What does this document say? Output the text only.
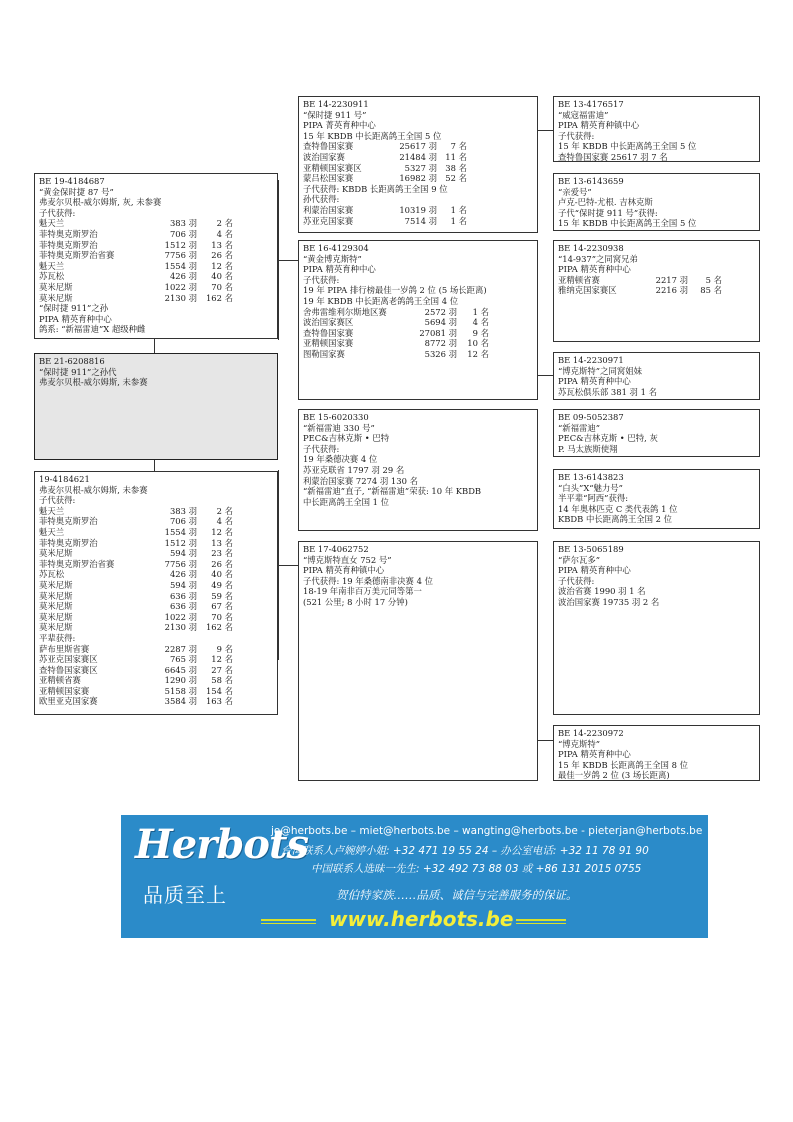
BE 19-4184687
“黄金保时捷 87 号”
弗麦尔贝根-威尔姆斯, 灰, 未参赛
子代获得:
魁天兰	383 羽	2 名
菲特奥克斯罗治	706 羽	4 名
菲特奥克斯罗治	1512 羽	13 名
菲特奥克斯罗治省赛	7756 羽	26 名
魁天兰	1554 羽	12 名
苏瓦松	426 羽	40 名
莫米尼斯	1022 羽	70 名
莫米尼斯	2130 羽	162 名
“保时捷 911”之孙
PIPA 精英育种中心
鸽系: “新福雷迪”X 超级种雌
BE 21-6208816
“保时捷 911”之孙代
弗麦尔贝根-威尔姆斯, 未参赛
19-4184621
弗麦尔贝根-威尔姆斯, 未参赛
子代获得:
魁天兰	383 羽	2 名
菲特奥克斯罗治	706 羽	4 名
魁天兰	1554 羽	12 名
菲特奥克斯罗治	1512 羽	13 名
莫米尼斯	594 羽	23 名
菲特奥克斯罗治省赛	7756 羽	26 名
苏瓦松	426 羽	40 名
莫米尼斯	594 羽	49 名
莫米尼斯	636 羽	59 名
莫米尼斯	636 羽	67 名
莫米尼斯	1022 羽	70 名
莫米尼斯	2130 羽	162 名
平辈获得:
萨布里斯省赛	2287 羽	9 名
苏亚克国家赛区	765 羽	12 名
查特鲁国家赛区	6645 羽	27 名
亚精顿省赛	1290 羽	58 名
亚精顿国家赛	5158 羽	154 名
欧里亚克国家赛	3584 羽	163 名
BE 14-2230911
“保时捷 911 号”
PIPA 菁英育种中心
15 年 KBDB 中长距离鸽王全国 5 位
查特鲁国家赛	25617 羽	7 名
波治国家赛	21484 羽 11 名
亚精顿国家赛区	5327 羽 38 名
蒙吕松国家赛	16982 羽 52 名
子代获得: KBDB 长距离鸽王全国 9 位
孙代获得:
利蒙治国家赛	10319 羽	1 名
苏亚克国家赛	7514 羽	1 名
BE 16-4129304
“黄金博克斯特”
PIPA 精英育种中心
子代获得:
19 年 PIPA 排行榜最佳一岁鸽 2 位 (5 场长距离)
19 年 KBDB 中长距离老鸽鸽王全国 4 位
舍弗雷维利尔斯地区赛	2572 羽	1 名
波治国家赛区	5694 羽	4 名
查特鲁国家赛	27081 羽	9 名
亚精顿国家赛	8772 羽	10 名
图勒国家赛	5326 羽	12 名
BE 15-6020330
“新福雷迪 330 号”
PEC&吉林克斯 • 巴特
子代获得:
19 年桑德决赛 4 位
苏亚克联省 1797 羽 29 名
利蒙治国家赛 7274 羽 130 名
“新福雷迪”直子, “新福雷迪”荣获: 10 年 KBDB
中长距离鸽王全国 1 位
BE 17-4062752
“博克斯特直女 752 号”
PIPA 精英育种镇中心
子代获得: 19 年桑德南非决赛 4 位
18-19 年南非百万美元同等第一
(521 公里; 8 小时 17 分钟)
BE 13-4176517
“威寇福雷迪”
PIPA 精英育种镇中心
子代获得:
15 年 KBDB 中长距离鸽王全国 5 位
查特鲁国家赛 25617 羽 7 名
BE 13-6143659
“亲爱号”
卢克-巴特-尤根. 吉林克斯
子代“保时捷 911 号”获得:
15 年 KBDB 中长距离鸽王全国 5 位
BE 14-2230938
“14-937”之同窝兄弟
PIPA 精英育种中心
亚精顿省赛	2217 羽	5 名
雅纳克国家赛区	2216 羽	85 名
BE 14-2230971
“博克斯特”之同窝姐妹
PIPA 精英育种中心
苏瓦松俱乐部 381 羽 1 名
BE 09-5052387
“新福雷迪”
PEC&吉林克斯 • 巴特, 灰
P. 马太族斯使翔
BE 13-6143823
“白头”X“魅力号”
半平辈“阿西”获得:
14 年奥林匹克 C 类代表鸽 1 位
KBDB 中长距离鸽王全国 2 位
BE 13-5065189
“萨尔瓦多”
PIPA 精英育种中心
子代获得:
波治省赛 1990 羽 1 名
波治国家赛 19735 羽 2 名
BE 14-2230972
“博克斯特”
PIPA 精英育种中心
15 年 KBDB 长距离鸽王全国 8 位
最佳一岁鸽 2 位 (3 场长距离)
Herbots
品质至上
jo@herbots.be – miet@herbots.be – wangting@herbots.be - pieterjan@herbots.be
台湾联系人卢婉婷小姐: +32 471 19 55 24 – 办公室电话: +32 11 78 91 90
中国联系人选昧一先生: +32 492 73 88 03 或 +86 131 2015 0755
贺伯特家族……品质、诚信与完善服务的保证。
www.herbots.be
